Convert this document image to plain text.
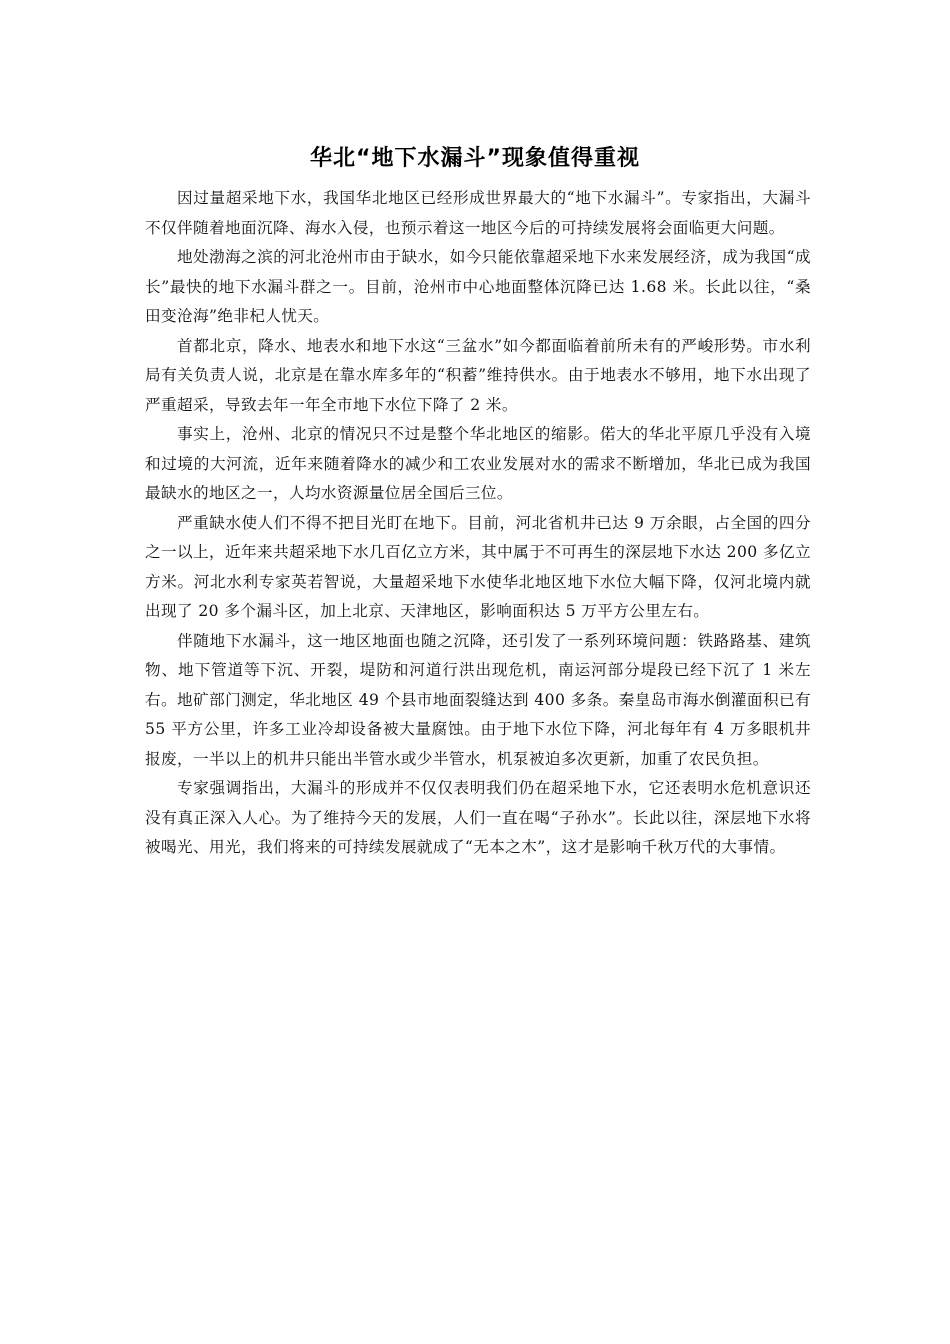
华北“地下水漏斗”现象值得重视

因过量超采地下水，我国华北地区已经形成世界最大的“地下水漏斗”。专家指出，大漏斗不仅伴随着地面沉降、海水入侵，也预示着这一地区今后的可持续发展将会面临更大问题。

地处渤海之滨的河北沧州市由于缺水，如今只能依靠超采地下水来发展经济，成为我国“成长”最快的地下水漏斗群之一。目前，沧州市中心地面整体沉降已达 1.68 米。长此以往，“桑田变沧海”绝非杞人忧天。

首都北京，降水、地表水和地下水这“三盆水”如今都面临着前所未有的严峻形势。市水利局有关负责人说，北京是在靠水库多年的“积蓄”维持供水。由于地表水不够用，地下水出现了严重超采，导致去年一年全市地下水位下降了 2 米。

事实上，沧州、北京的情况只不过是整个华北地区的缩影。偌大的华北平原几乎没有入境和过境的大河流，近年来随着降水的减少和工农业发展对水的需求不断增加，华北已成为我国最缺水的地区之一，人均水资源量位居全国后三位。

严重缺水使人们不得不把目光盯在地下。目前，河北省机井已达 9 万余眼，占全国的四分之一以上，近年来共超采地下水几百亿立方米，其中属于不可再生的深层地下水达 200 多亿立方米。河北水利专家英若智说，大量超采地下水使华北地区地下水位大幅下降，仅河北境内就出现了 20 多个漏斗区，加上北京、天津地区，影响面积达 5 万平方公里左右。

伴随地下水漏斗，这一地区地面也随之沉降，还引发了一系列环境问题：铁路路基、建筑物、地下管道等下沉、开裂，堤防和河道行洪出现危机，南运河部分堤段已经下沉了 1 米左右。地矿部门测定，华北地区 49 个县市地面裂缝达到 400 多条。秦皇岛市海水倒灌面积已有 55 平方公里，许多工业冷却设备被大量腐蚀。由于地下水位下降，河北每年有 4 万多眼机井报废，一半以上的机井只能出半管水或少半管水，机泵被迫多次更新，加重了农民负担。

专家强调指出，大漏斗的形成并不仅仅表明我们仍在超采地下水，它还表明水危机意识还没有真正深入人心。为了维持今天的发展，人们一直在喝“子孙水”。长此以往，深层地下水将被喝光、用光，我们将来的可持续发展就成了“无本之木”，这才是影响千秋万代的大事情。
